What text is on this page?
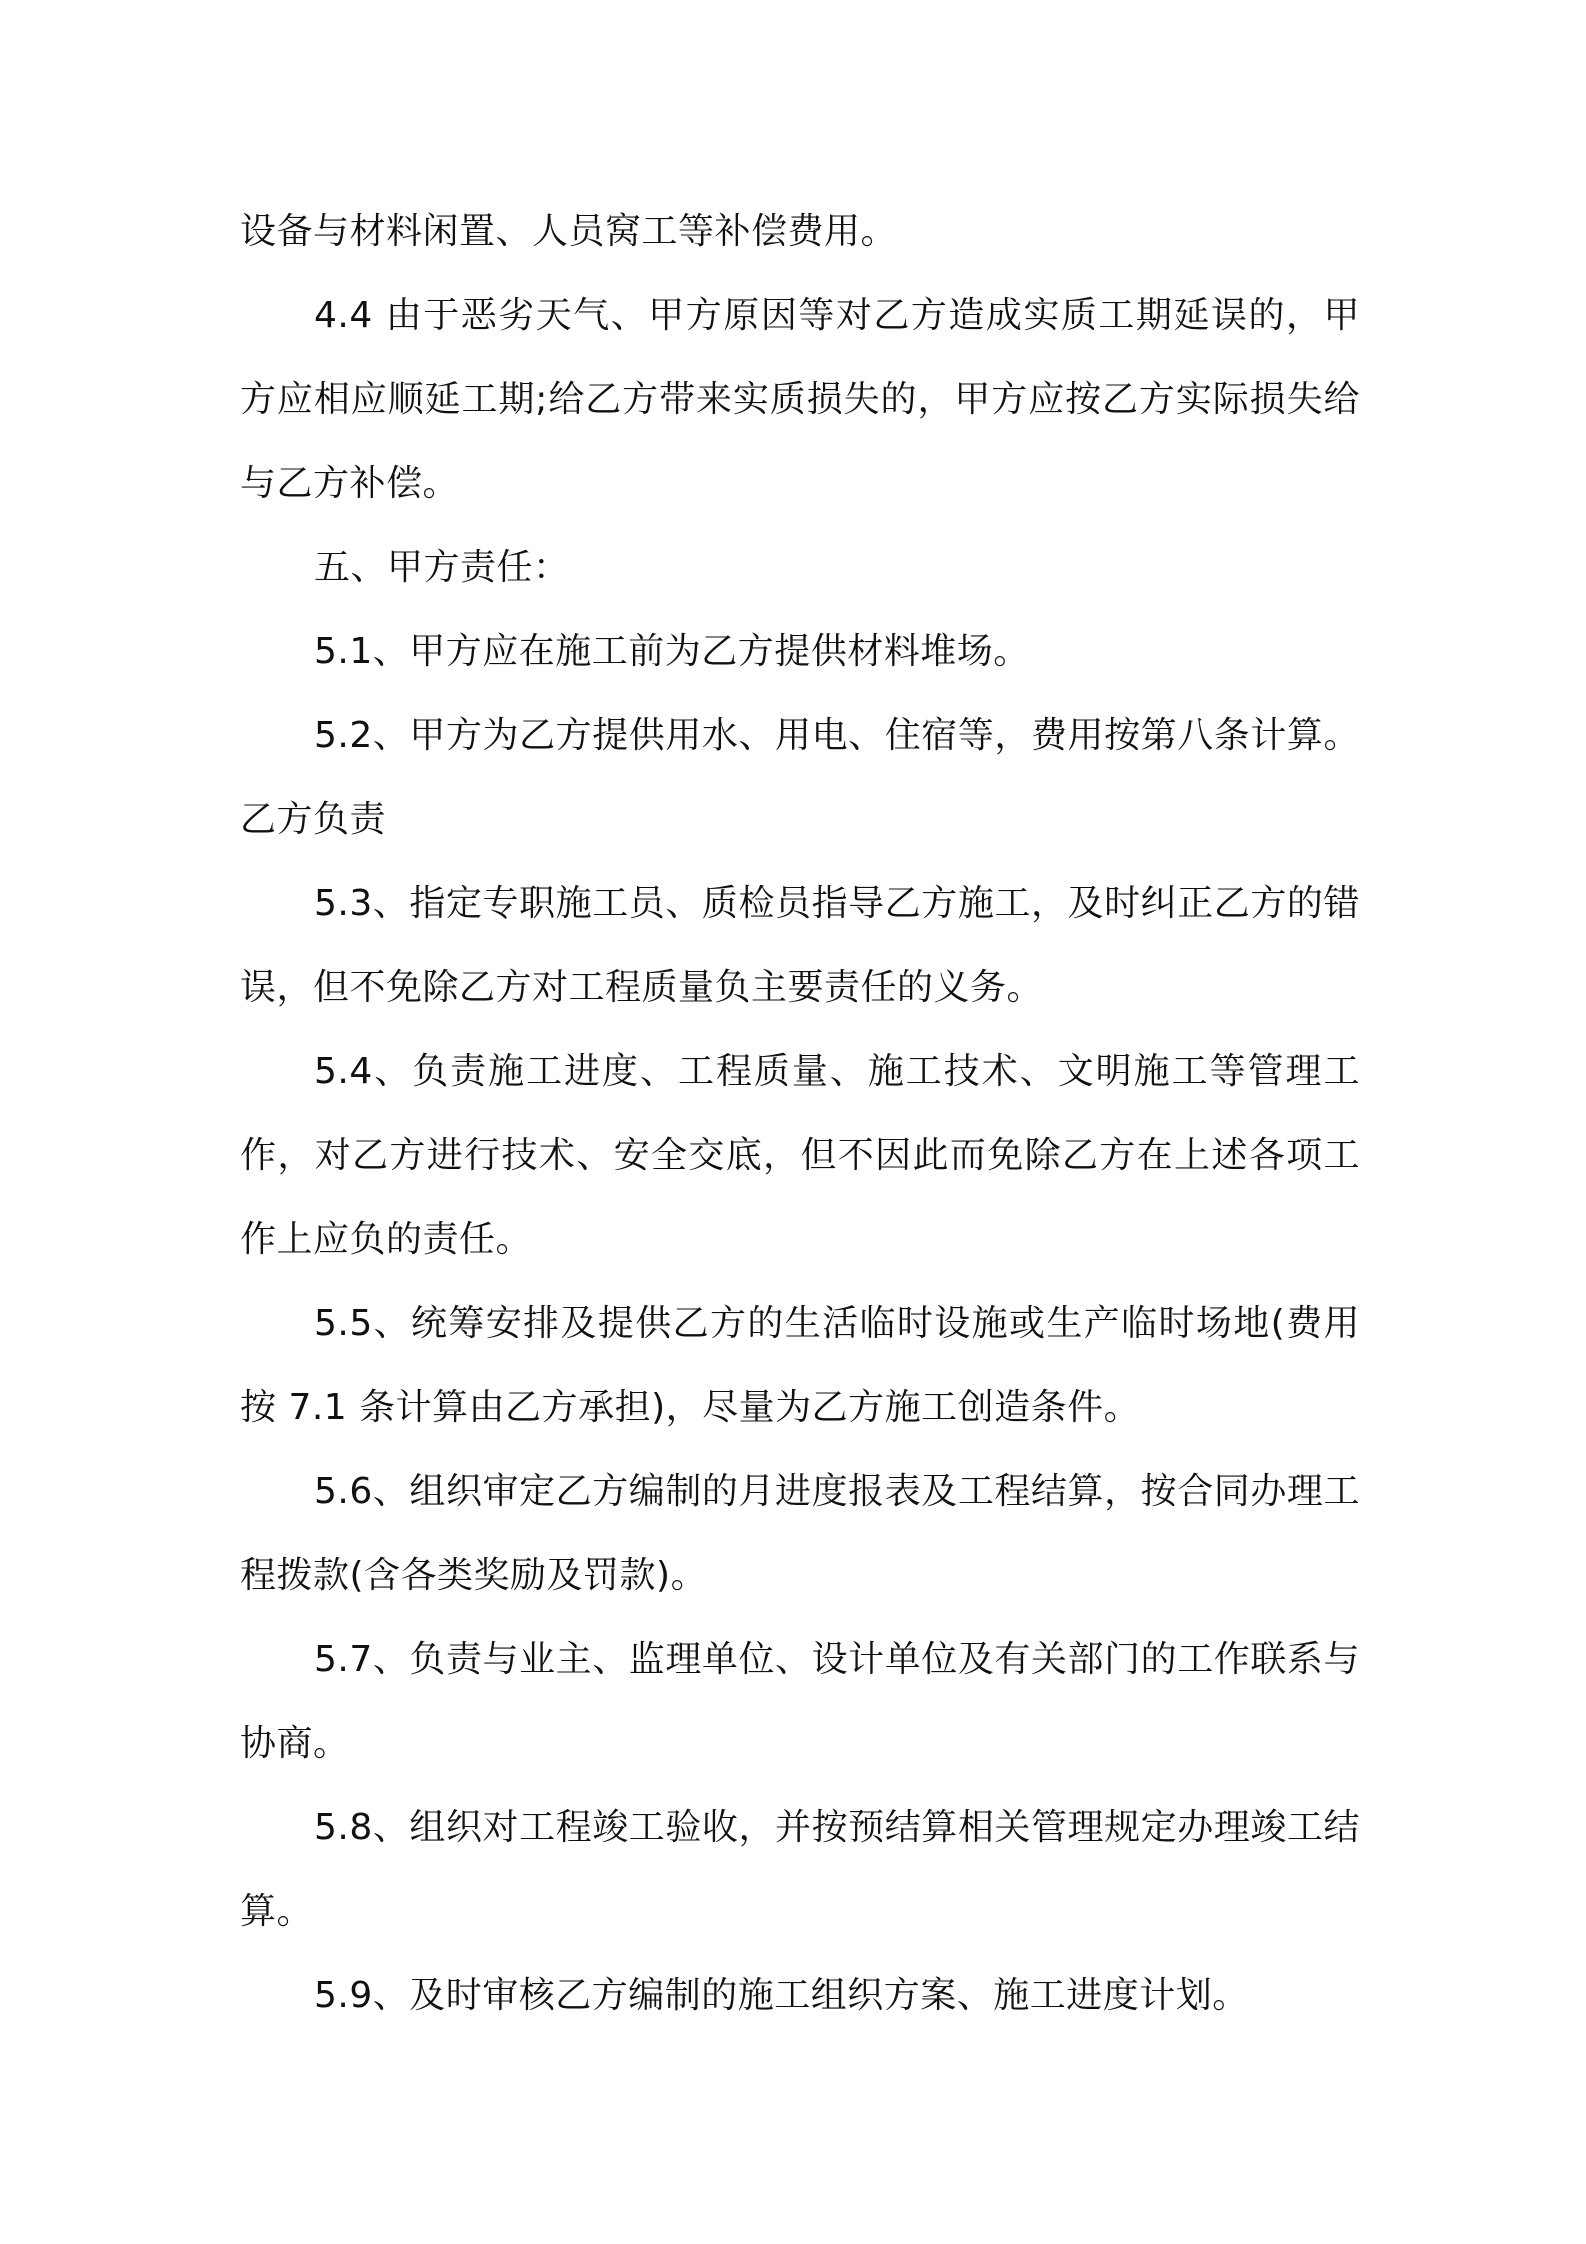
设备与材料闲置、人员窝工等补偿费用。

4.4 由于恶劣天气、甲方原因等对乙方造成实质工期延误的，甲方应相应顺延工期;给乙方带来实质损失的，甲方应按乙方实际损失给与乙方补偿。

五、甲方责任：

5.1、甲方应在施工前为乙方提供材料堆场。

5.2、甲方为乙方提供用水、用电、住宿等，费用按第八条计算。乙方负责

5.3、指定专职施工员、质检员指导乙方施工，及时纠正乙方的错误，但不免除乙方对工程质量负主要责任的义务。

5.4、负责施工进度、工程质量、施工技术、文明施工等管理工作，对乙方进行技术、安全交底，但不因此而免除乙方在上述各项工作上应负的责任。

5.5、统筹安排及提供乙方的生活临时设施或生产临时场地(费用按 7.1 条计算由乙方承担)，尽量为乙方施工创造条件。

5.6、组织审定乙方编制的月进度报表及工程结算，按合同办理工程拨款(含各类奖励及罚款)。

5.7、负责与业主、监理单位、设计单位及有关部门的工作联系与协商。

5.8、组织对工程竣工验收，并按预结算相关管理规定办理竣工结算。

5.9、及时审核乙方编制的施工组织方案、施工进度计划。
